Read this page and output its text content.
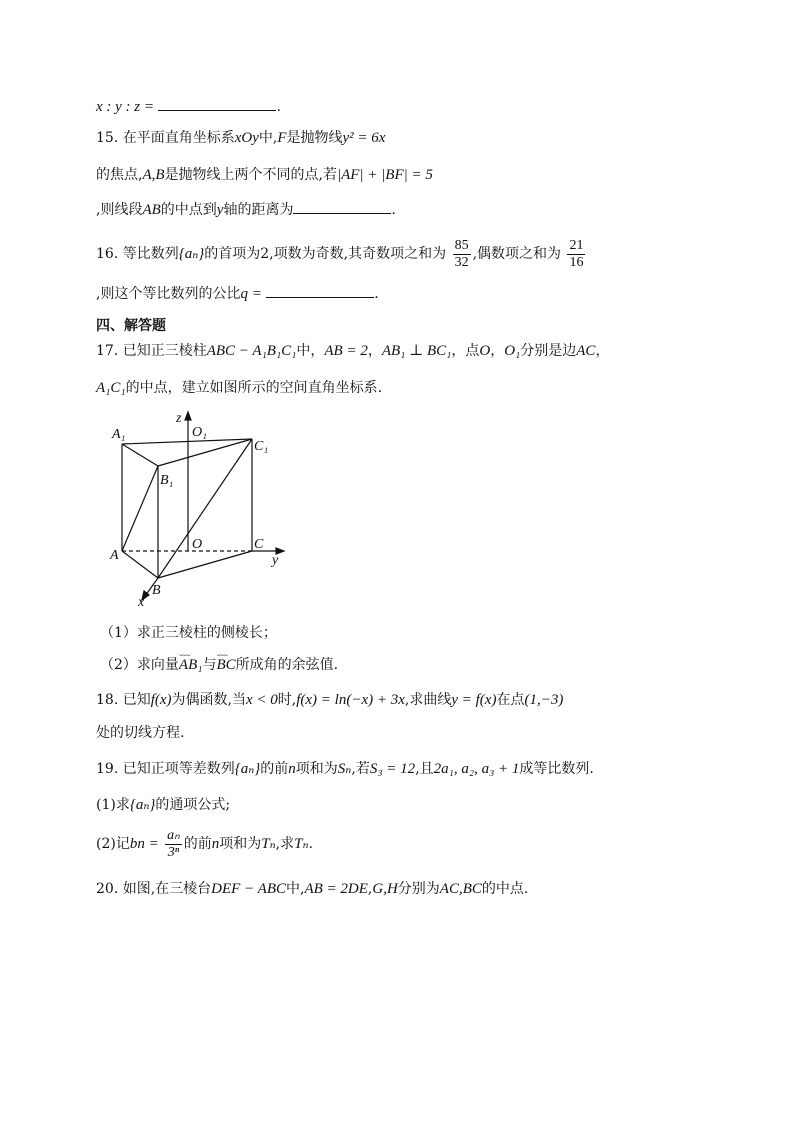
x : y : z =	.
15. 在平面直角坐标系xOy中,F是抛物线y² = 6x
的焦点,A,B是抛物线上两个不同的点,若|AF| + |BF| = 5
,则线段AB的中点到y轴的距离为	.
16. 等比数列{aₙ}的首项为2,项数为奇数,其奇数项之和为 $\frac{85}{32}$ ,偶数项之和为 $\frac{21}{16}$
,则这个等比数列的公比q =	.
四、解答题
17. 已知正三棱柱ABC − A₁B₁C₁中，AB = 2，AB₁ ⊥ BC₁，点O，O₁分别是边AC，
A₁C₁的中点，建立如图所示的空间直角坐标系.
A₁	O₁
C₁
B₁
A
O	C
B
x
y
z
（1）求正三棱柱的侧棱长；
（2）求向量⌣⌣⌣ AB₁与⌣⌣⌣ BC所成角的余弦值.
18. 已知f(x)为偶函数,当x < 0时,f(x) = ln(−x) + 3x,求曲线y = f(x)在点(1,−3)
处的切线方程.
19. 已知正项等差数列{aₙ}的前n项和为Sₙ,若S₃ = 12,且2a₁, a₂, a₃ + 1成等比数列.
(1)求{aₙ}的通项公式;
(2)记bn = $\frac{\text{aₙ}}{\text{3ⁿ}}$ 的前n项和为Tₙ,求Tₙ.
20. 如图,在三棱台DEF − ABC中,AB = 2DE,G,H分别为AC,BC的中点.
